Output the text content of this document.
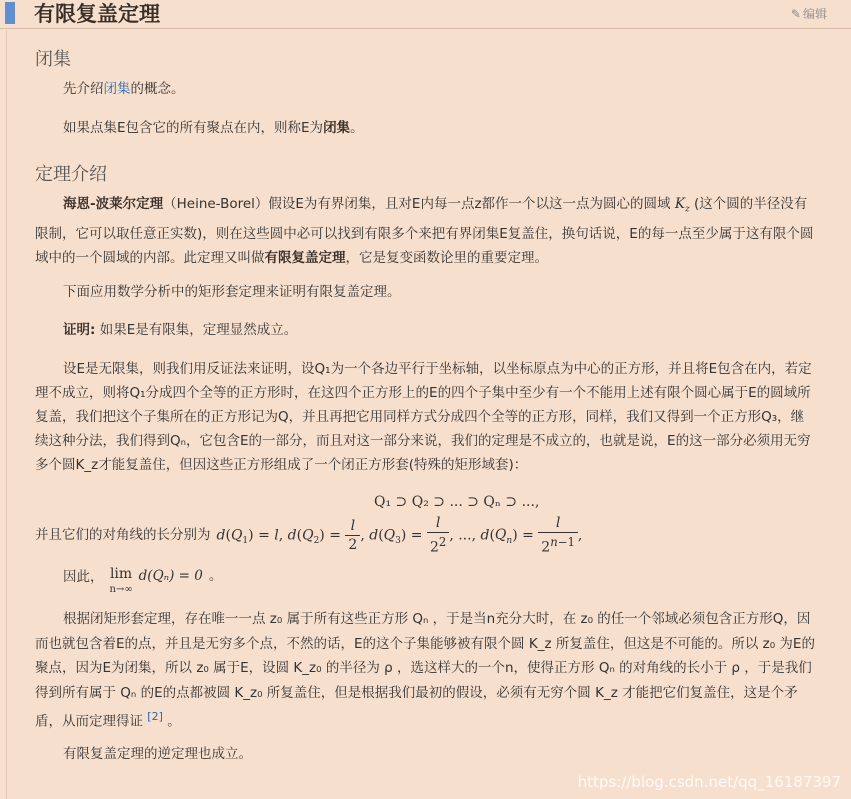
有限复盖定理	✎ 编辑
闭集

先介绍闭集的概念。

如果点集E包含它的所有聚点在内，则称E为闭集。

定理介绍

海恩-波莱尔定理（Heine-Borel）假设E为有界闭集，且对E内每一点z都作一个以这一点为圆心的圆域 $K_z$ (这个圆的半径没有限制，它可以取任意正实数)，则在这些圆中必可以找到有限多个来把有界闭集E复盖住，换句话说，E的每一点至少属于这有限个圆域中的一个圆域的内部。此定理又叫做有限复盖定理，它是复变函数论里的重要定理。

下面应用数学分析中的矩形套定理来证明有限复盖定理。

证明: 如果E是有限集，定理显然成立。

设E是无限集，则我们用反证法来证明，设Q₁为一个各边平行于坐标轴，以坐标原点为中心的正方形，并且将E包含在内，若定理不成立，则将Q₁分成四个全等的正方形时，在这四个正方形上的E的四个子集中至少有一个不能用上述有限个圆心属于E的圆域所复盖，我们把这个子集所在的正方形记为Q，并且再把它用同样方式分成四个全等的正方形，同样，我们又得到一个正方形Q₃，继续这种分法，我们得到Qₙ，它包含E的一部分，而且对这一部分来说，我们的定理是不成立的，也就是说，E的这一部分必须用无穷多个圆K_z才能复盖住，但因这些正方形组成了一个闭正方形套(特殊的矩形域套)：

Q₁ ⊃ Q₂ ⊃ ... ⊃ Qₙ ⊃ ...,
并且它们的对角线的长分别为 $d(Q_1) = l$, $d(Q_2) = \frac{l}{2}$ , $d(Q_3) = \frac{l}{2^2}$ , ..., $d(Q_n) = \frac{l}{2^{n-1}}$ ,
因此， lim
n→∞
d(Qₙ) = 0 。

根据闭矩形套定理，存在唯一一点 z₀ 属于所有这些正方形 Qₙ ，于是当n充分大时，在 z₀ 的任一个邻域必须包含正方形Q，因而也就包含着E的点，并且是无穷多个点，不然的话，E的这个子集能够被有限个圆 K_z 所复盖住，但这是不可能的。所以 z₀ 为E的聚点，因为E为闭集，所以 z₀ 属于E，设圆 K_z₀ 的半径为 ρ ，选这样大的一个n，使得正方形 Qₙ 的对角线的长小于 ρ ，于是我们得到所有属于 Qₙ 的E的点都被圆 K_z₀ 所复盖住，但是根据我们最初的假设，必须有无穷个圆 K_z 才能把它们复盖住，这是个矛盾，从而定理得证 [2] 。

有限复盖定理的逆定理也成立。

https://blog.csdn.net/qq_16187397
